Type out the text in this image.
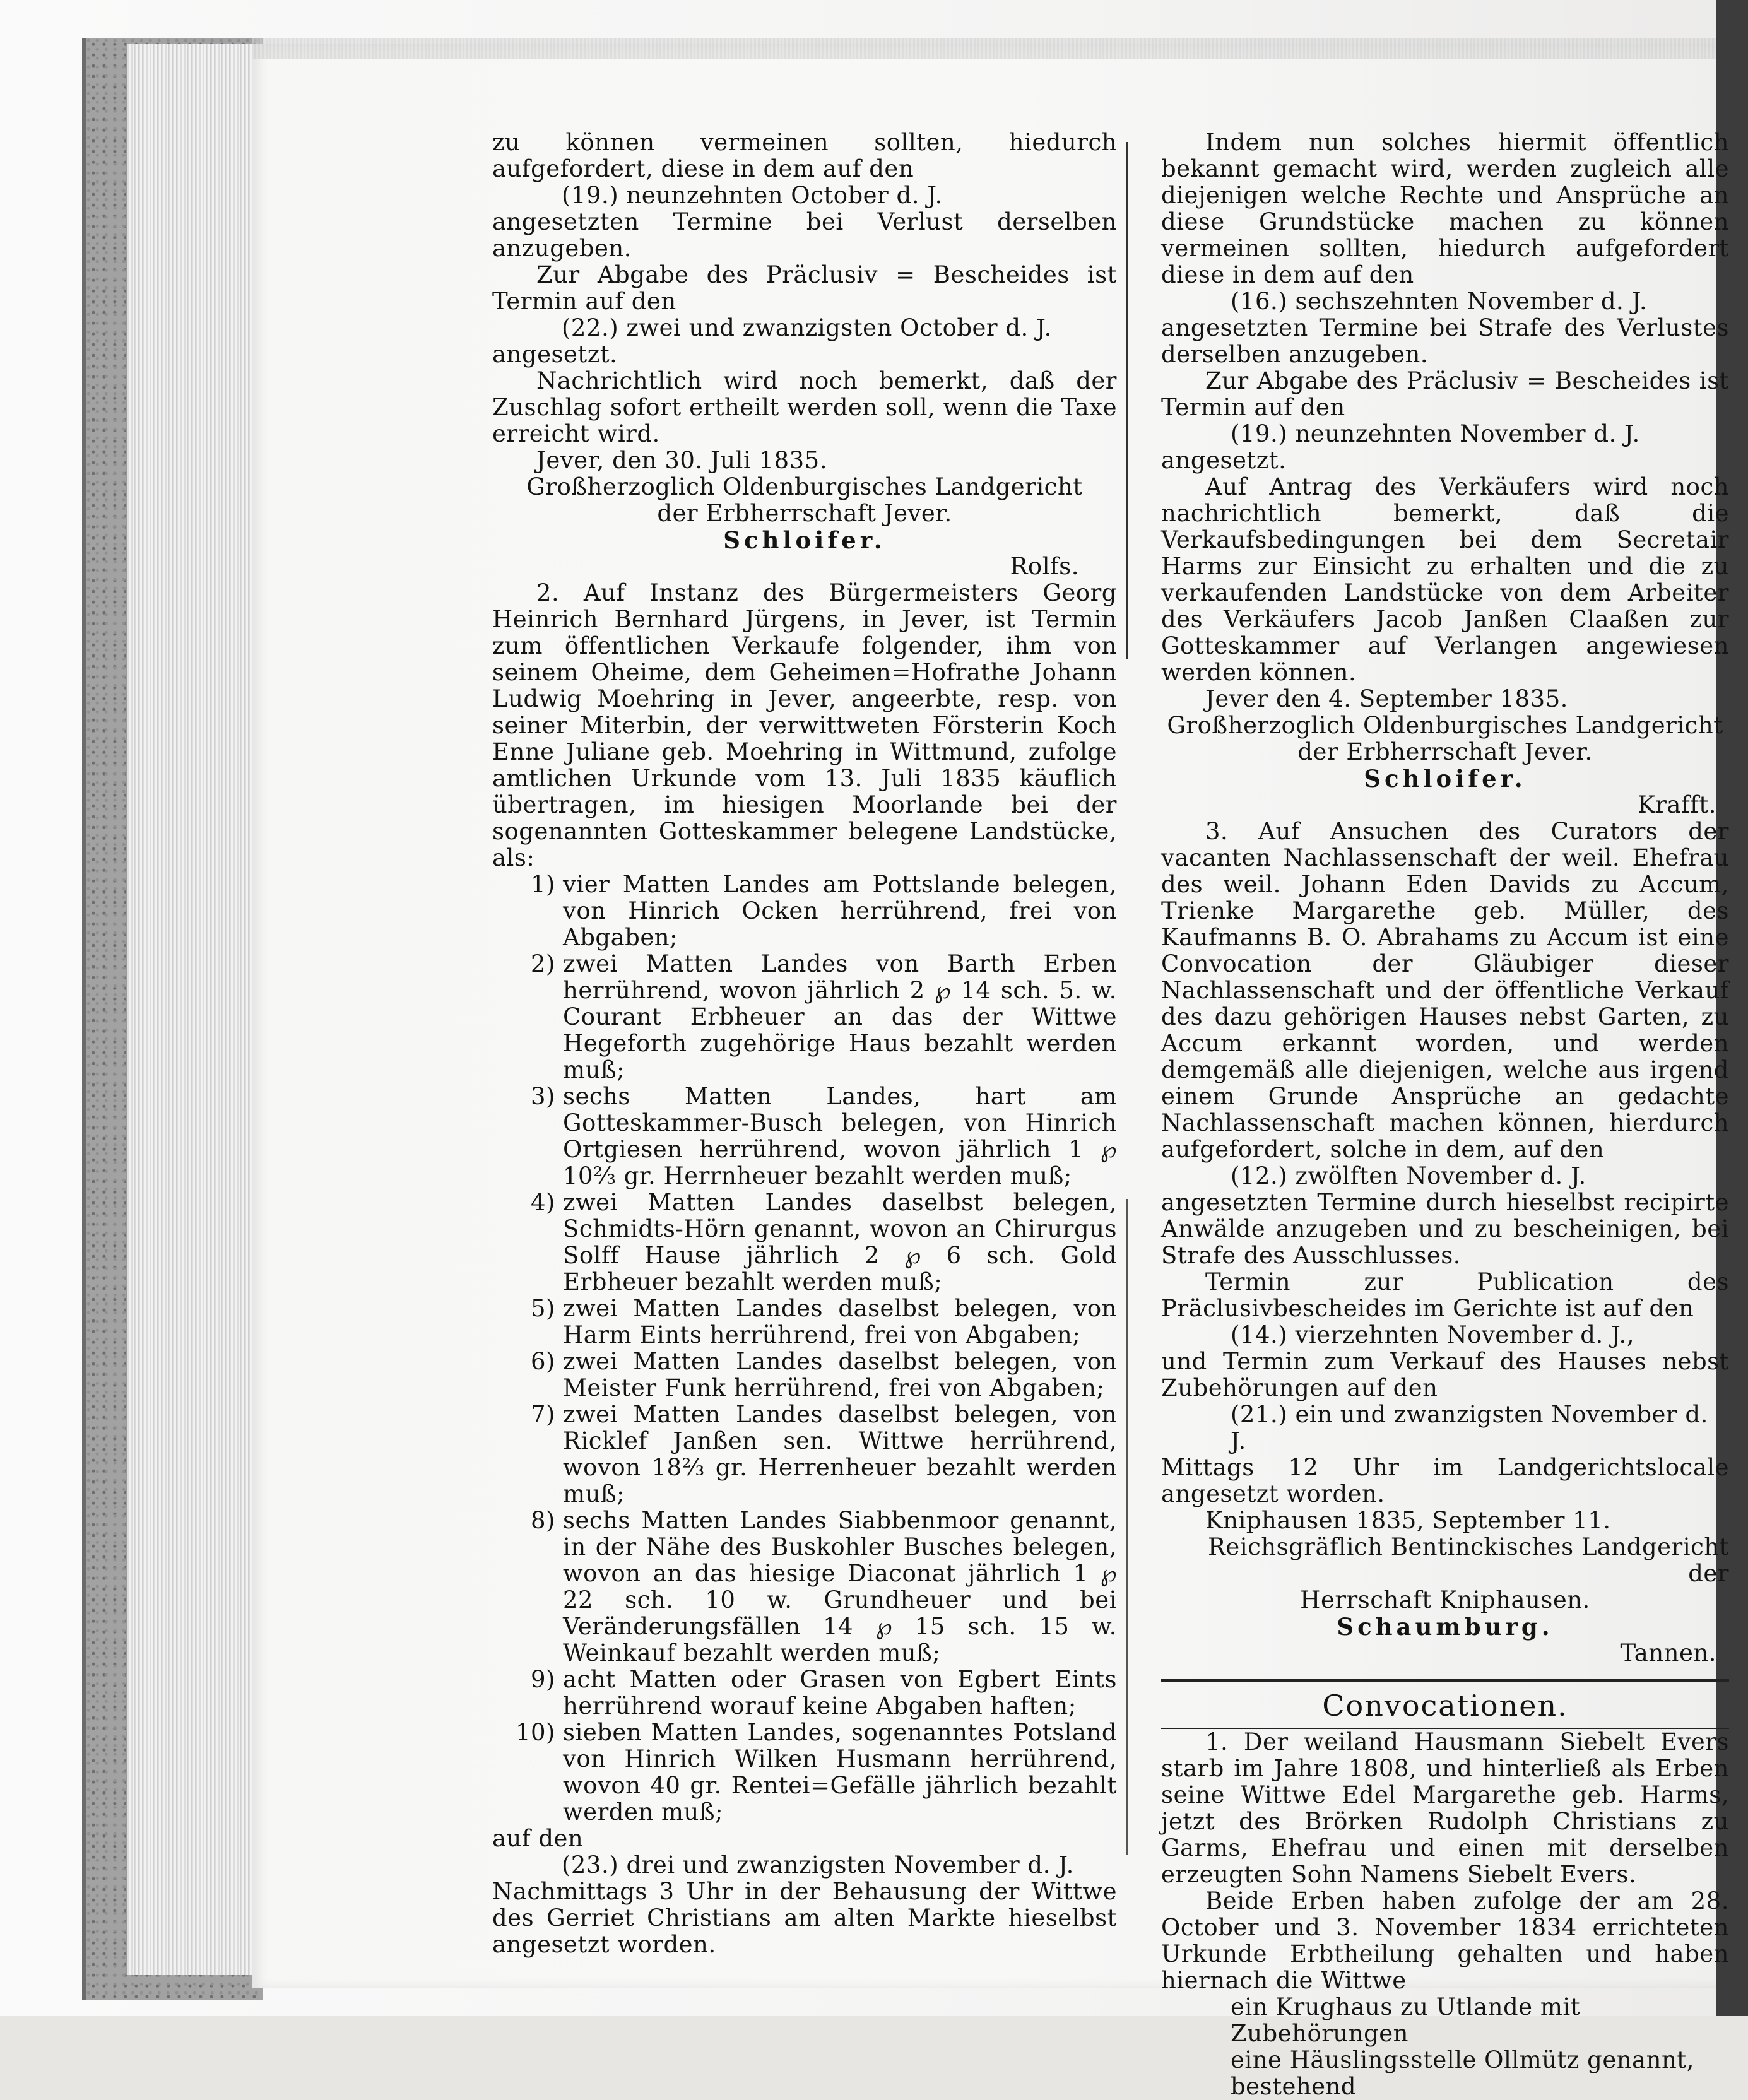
zu können vermeinen sollten, hiedurch aufgefordert, diese in dem auf den

(19.) neunzehnten October d. J.

angesetzten Termine bei Verlust derselben anzugeben.

Zur Abgabe des Präclusiv = Bescheides ist Termin auf den

(22.) zwei und zwanzigsten October d. J.

angesetzt.

Nachrichtlich wird noch bemerkt, daß der Zuschlag sofort ertheilt werden soll, wenn die Taxe erreicht wird.

Jever, den 30. Juli 1835.

Großherzoglich Oldenburgisches Landgericht

der Erbherrschaft Jever.

Schloifer.

Rolfs.

2. Auf Instanz des Bürgermeisters Georg Heinrich Bernhard Jürgens, in Jever, ist Termin zum öffentlichen Verkaufe folgender, ihm von seinem Oheime, dem Geheimen=Hofrathe Johann Ludwig Moehring in Jever, angeerbte, resp. von seiner Miterbin, der verwittweten Försterin Koch Enne Juliane geb. Moehring in Wittmund, zufolge amtlichen Urkunde vom 13. Juli 1835 käuflich übertragen, im hiesigen Moorlande bei der sogenannten Gotteskammer belegene Landstücke, als:

1) vier Matten Landes am Pottslande belegen, von Hinrich Ocken herrührend, frei von Abgaben;
2) zwei Matten Landes von Barth Erben herrührend, wovon jährlich 2 ℘ 14 sch. 5. w. Courant Erbheuer an das der Wittwe Hegeforth zugehörige Haus bezahlt werden muß;
3) sechs Matten Landes, hart am Gotteskammer-Busch belegen, von Hinrich Ortgiesen herrührend, wovon jährlich 1 ℘ 10⅔ gr. Herrnheuer bezahlt werden muß;
4) zwei Matten Landes daselbst belegen, Schmidts-Hörn genannt, wovon an Chirurgus Solff Hause jährlich 2 ℘ 6 sch. Gold Erbheuer bezahlt werden muß;
5) zwei Matten Landes daselbst belegen, von Harm Eints herrührend, frei von Abgaben;
6) zwei Matten Landes daselbst belegen, von Meister Funk herrührend, frei von Abgaben;
7) zwei Matten Landes daselbst belegen, von Ricklef Janßen sen. Wittwe herrührend, wovon 18⅔ gr. Herrenheuer bezahlt werden muß;
8) sechs Matten Landes Siabbenmoor genannt, in der Nähe des Buskohler Busches belegen, wovon an das hiesige Diaconat jährlich 1 ℘ 22 sch. 10 w. Grundheuer und bei Veränderungsfällen 14 ℘ 15 sch. 15 w. Weinkauf bezahlt werden muß;
9) acht Matten oder Grasen von Egbert Eints herrührend worauf keine Abgaben haften;
10) sieben Matten Landes, sogenanntes Potsland von Hinrich Wilken Husmann herrührend, wovon 40 gr. Rentei=Gefälle jährlich bezahlt werden muß;

auf den

(23.) drei und zwanzigsten November d. J.

Nachmittags 3 Uhr in der Behausung der Wittwe des Gerriet Christians am alten Markte hieselbst angesetzt worden.

Indem nun solches hiermit öffentlich bekannt gemacht wird, werden zugleich alle diejenigen welche Rechte und Ansprüche an diese Grundstücke machen zu können vermeinen sollten, hiedurch aufgefordert diese in dem auf den

(16.) sechszehnten November d. J.

angesetzten Termine bei Strafe des Verlustes derselben anzugeben.

Zur Abgabe des Präclusiv = Bescheides ist Termin auf den

(19.) neunzehnten November d. J.

angesetzt.

Auf Antrag des Verkäufers wird noch nachrichtlich bemerkt, daß die Verkaufsbedingungen bei dem Secretair Harms zur Einsicht zu erhalten und die zu verkaufenden Landstücke von dem Arbeiter des Verkäufers Jacob Janßen Claaßen zur Gotteskammer auf Verlangen angewiesen werden können.

Jever den 4. September 1835.

Großherzoglich Oldenburgisches Landgericht

der Erbherrschaft Jever.

Schloifer.

Krafft.

3. Auf Ansuchen des Curators der vacanten Nachlassenschaft der weil. Ehefrau des weil. Johann Eden Davids zu Accum, Trienke Margarethe geb. Müller, des Kaufmanns B. O. Abrahams zu Accum ist eine Convocation der Gläubiger dieser Nachlassenschaft und der öffentliche Verkauf des dazu gehörigen Hauses nebst Garten, zu Accum erkannt worden, und werden demgemäß alle diejenigen, welche aus irgend einem Grunde Ansprüche an gedachte Nachlassenschaft machen können, hierdurch aufgefordert, solche in dem, auf den

(12.) zwölften November d. J.

angesetzten Termine durch hieselbst recipirte Anwälde anzugeben und zu bescheinigen, bei Strafe des Ausschlusses.

Termin zur Publication des Präclusivbescheides im Gerichte ist auf den

(14.) vierzehnten November d. J.,

und Termin zum Verkauf des Hauses nebst Zubehörungen auf den

(21.) ein und zwanzigsten November d. J.

Mittags 12 Uhr im Landgerichtslocale angesetzt worden.

Kniphausen 1835, September 11.

Reichsgräflich Bentinckisches Landgericht der

Herrschaft Kniphausen.

Schaumburg.

Tannen.

Convocationen.

1. Der weiland Hausmann Siebelt Evers starb im Jahre 1808, und hinterließ als Erben seine Wittwe Edel Margarethe geb. Harms, jetzt des Brörken Rudolph Christians zu Garms, Ehefrau und einen mit derselben erzeugten Sohn Namens Siebelt Evers.

Beide Erben haben zufolge der am 28. October und 3. November 1834 errichteten Urkunde Erbtheilung gehalten und haben hiernach die Wittwe

ein Krughaus zu Utlande mit Zubehörungen

eine Häuslingsstelle Ollmütz genannt, bestehend
